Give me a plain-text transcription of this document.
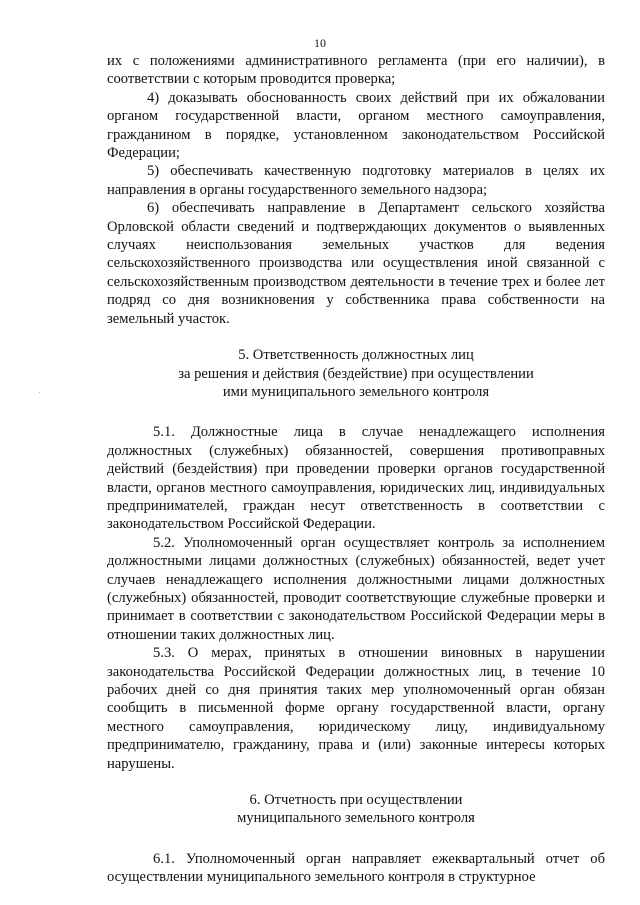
10

их с положениями административного регламента (при его наличии), в соответствии с которым проводится проверка;

4) доказывать обоснованность своих действий при их обжаловании органом государственной власти, органом местного самоуправления, гражданином в порядке, установленном законодательством Российской Федерации;

5) обеспечивать качественную подготовку материалов в целях их направления в органы государственного земельного надзора;

6) обеспечивать направление в Департамент сельского хозяйства Орловской области сведений и подтверждающих документов о выявленных случаях неиспользования земельных участков для ведения сельскохозяйственного производства или осуществления иной связанной с сельскохозяйственным производством деятельности в течение трех и более лет подряд со дня возникновения у собственника права собственности на земельный участок.

5. Ответственность должностных лиц
за решения и действия (бездействие) при осуществлении
ими муниципального земельного контроля

5.1. Должностные лица в случае ненадлежащего исполнения должностных (служебных) обязанностей, совершения противоправных действий (бездействия) при проведении проверки органов государственной власти, органов местного самоуправления, юридических лиц, индивидуальных предпринимателей, граждан несут ответственность в соответствии с законодательством Российской Федерации.

5.2. Уполномоченный орган осуществляет контроль за исполнением должностными лицами должностных (служебных) обязанностей, ведет учет случаев ненадлежащего исполнения должностными лицами должностных (служебных) обязанностей, проводит соответствующие служебные проверки и принимает в соответствии с законодательством Российской Федерации меры в отношении таких должностных лиц.

5.3. О мерах, принятых в отношении виновных в нарушении законодательства Российской Федерации должностных лиц, в течение 10 рабочих дней со дня принятия таких мер уполномоченный орган обязан сообщить в письменной форме органу государственной власти, органу местного самоуправления, юридическому лицу, индивидуальному предпринимателю, гражданину, права и (или) законные интересы которых нарушены.

6. Отчетность при осуществлении
муниципального земельного контроля

6.1. Уполномоченный орган направляет ежеквартальный отчет об осуществлении муниципального земельного контроля в структурное
